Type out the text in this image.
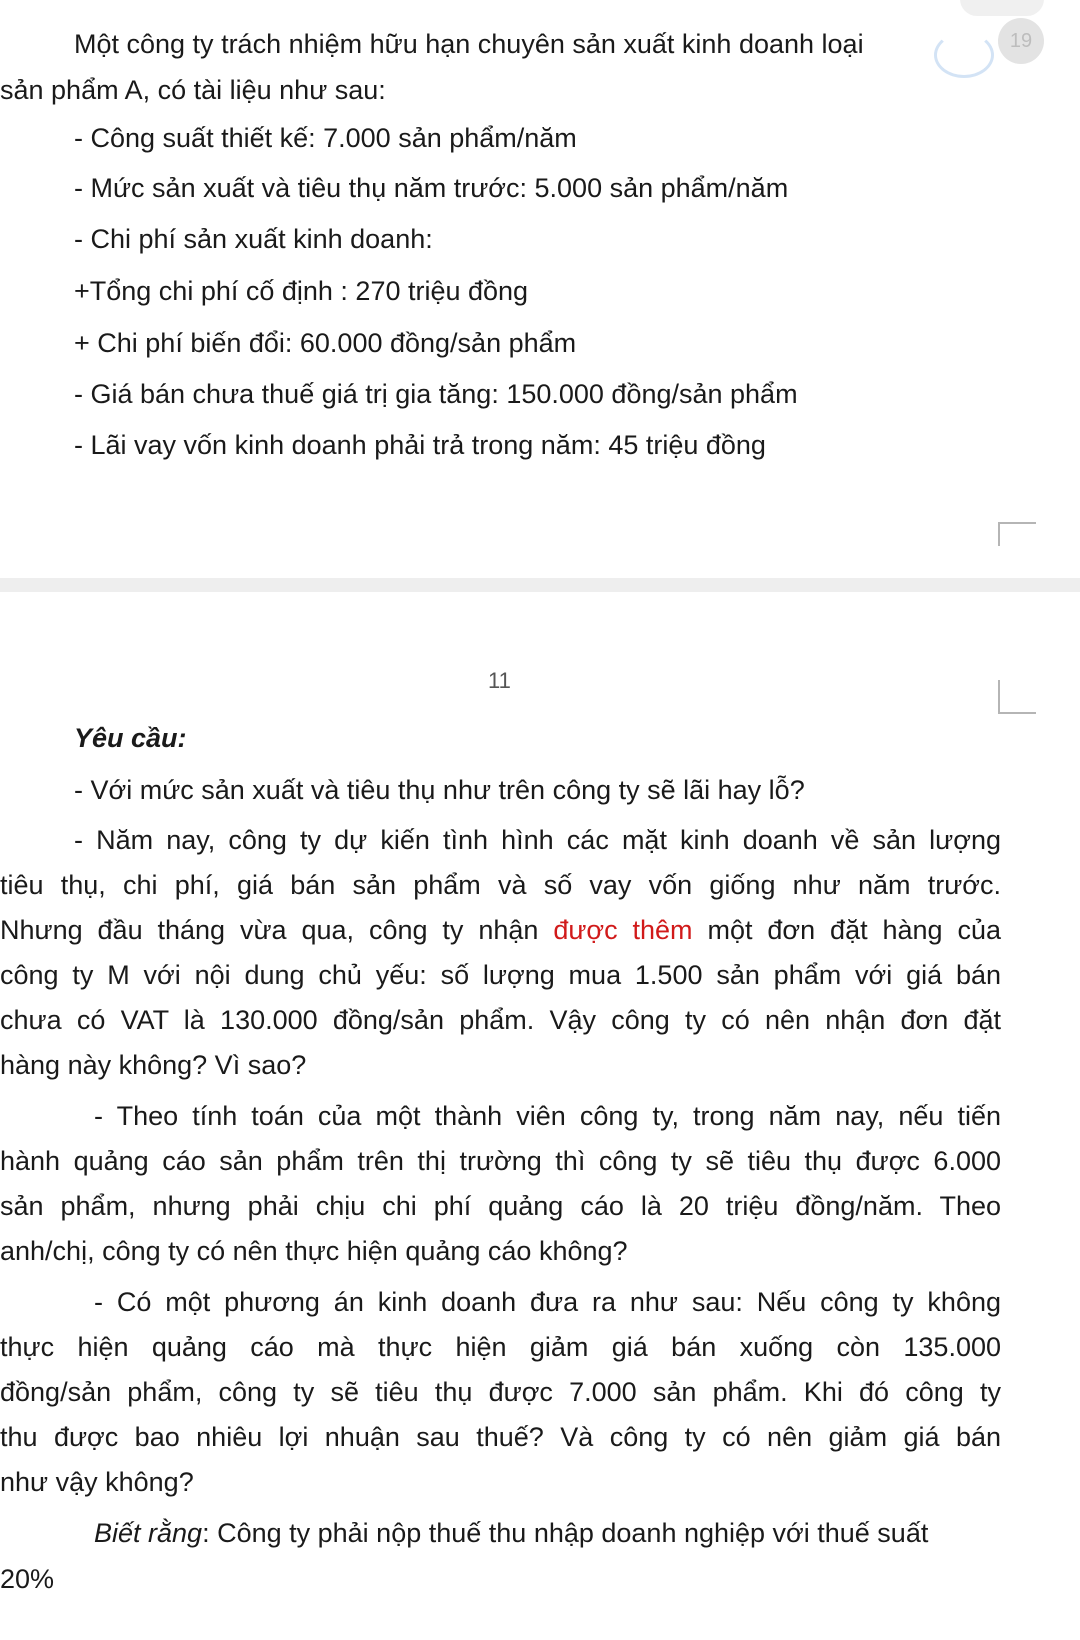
19
Một công ty trách nhiệm hữu hạn chuyên sản xuất kinh doanh loại
sản phẩm A, có tài liệu như sau:
- Công suất thiết kế: 7.000 sản phẩm/năm
- Mức sản xuất và tiêu thụ năm trước: 5.000 sản phẩm/năm
- Chi phí sản xuất kinh doanh:
+Tổng chi phí cố định : 270 triệu đồng
+ Chi phí biến đổi: 60.000 đồng/sản phẩm
- Giá bán chưa thuế giá trị gia tăng: 150.000 đồng/sản phẩm
- Lãi vay vốn kinh doanh phải trả trong năm: 45 triệu đồng
11
Yêu cầu:
- Với mức sản xuất và tiêu thụ như trên công ty sẽ lãi hay lỗ?
- Năm nay, công ty dự kiến tình hình các mặt kinh doanh về sản lượng
tiêu thụ, chi phí, giá bán sản phẩm và số vay vốn giống như năm trước.
Nhưng đầu tháng vừa qua, công ty nhận được thêm một đơn đặt hàng của
công ty M với nội dung chủ yếu: số lượng mua 1.500 sản phẩm với giá bán
chưa có VAT là 130.000 đồng/sản phẩm. Vậy công ty có nên nhận đơn đặt
hàng này không? Vì sao?
- Theo tính toán của một thành viên công ty, trong năm nay, nếu tiến
hành quảng cáo sản phẩm trên thị trường thì công ty sẽ tiêu thụ được 6.000
sản phẩm, nhưng phải chịu chi phí quảng cáo là 20 triệu đồng/năm. Theo
anh/chị, công ty có nên thực hiện quảng cáo không?
- Có một phương án kinh doanh đưa ra như sau: Nếu công ty không
thực hiện quảng cáo mà thực hiện giảm giá bán xuống còn 135.000
đồng/sản phẩm, công ty sẽ tiêu thụ được 7.000 sản phẩm. Khi đó công ty
thu được bao nhiêu lợi nhuận sau thuế? Và công ty có nên giảm giá bán
như vậy không?
Biết rằng: Công ty phải nộp thuế thu nhập doanh nghiệp với thuế suất
20%
